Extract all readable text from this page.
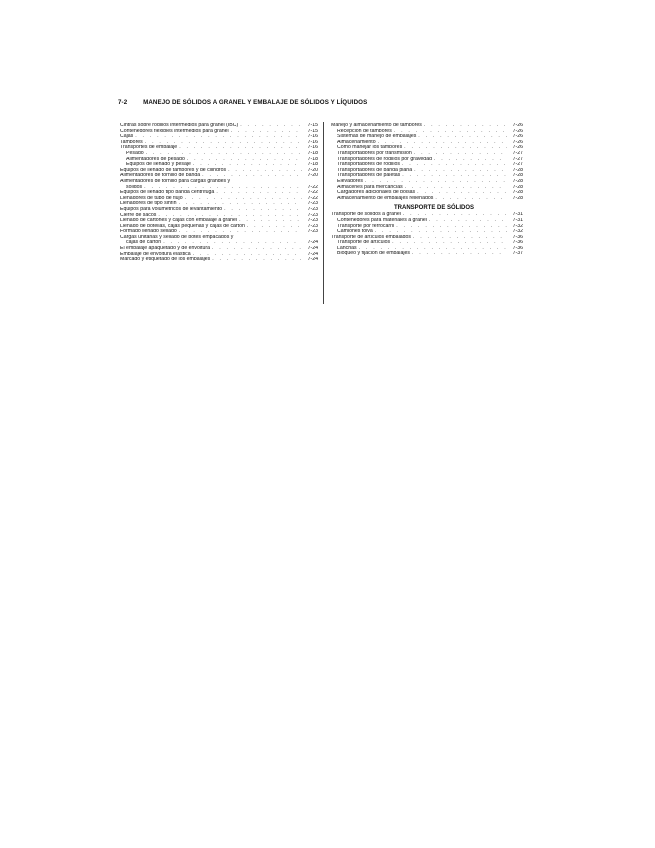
7-2	MANEJO DE SÓLIDOS A GRANEL Y EMBALAJE DE SÓLIDOS Y LÍQUIDOS
Cintras sobre rodillos intermedios para granel (IBC) . . .	7-15
Contenedores flexibles intermedios para granel . . .	7-15
Cajas . . .	7-16
Tambores . . .	7-16
Transportes de embalaje . . .	7-16
Pesado . . .	7-18
Alimentadores de pesado . . .	7-18
Equipos de llenado y pesaje . . .	7-18
Equipos de llenado de tambores y de cilindros . . .	7-20
Alimentadores de tornillo de banda . . .	7-20
Alimentadores de tornillo para cargas grandes y
sólidos . . .	7-22
Equipos de llenado tipo banda centrífuga . . .	7-22
Llenadores de tubo de flujo . . .	7-22
Llenadores de tipo sinfín . . .	7-23
Equipos para volumétricos de levantamiento . . .	7-23
Cierre de sacos . . .	7-23
Llenado de cartones y cajas con embalaje a granel . . .	7-23
Llenado de botellas, cajas pequeñas y cajas de cartón . . .	7-23
Formado llenado sellado . . .	7-23
Cargas unitarias y sellado de botes empacados y
cajas de cartón . . .	7-24
El embalaje apaquetado y de envoltura . . .	7-24
Embalaje de envoltura elástica . . .	7-24
Marcado y etiquetado de los embalajes . . .	7-24
Manejo y almacenamiento de tambores . . .	7-26
Recepción de tambores . . .	7-26
Sistemas de manejo de embalajes . . .	7-26
Almacenamiento . . .	7-26
Cómo manejar los tambores . . .	7-26
Transportadores por transmisión . . .	7-27
Transportadores de rodillos por gravedad . . .	7-27
Transportadores de rodillos . . .	7-27
Transportadores de banda plana . . .	7-28
Transportadores de paletas . . .	7-28
Elevadores . . .	7-28
Almacenes para mercancías . . .	7-28
Cargadores adicionales de bolsas . . .	7-28
Almacenamiento de embalajes rellenados . . .	7-28
TRANSPORTE DE SÓLIDOS
Transporte de sólidos a granel . . .	7-31
Contenedores para materiales a granel . . .	7-31
Transporte por ferrocarril . . .	7-32
Camiones tolva . . .	7-32
Transporte de artículos embalados . . .	7-36
Transporte de artículos . . .	7-36
Lanchas . . .	7-36
Bloqueo y fijación de embalajes . . .	7-37
